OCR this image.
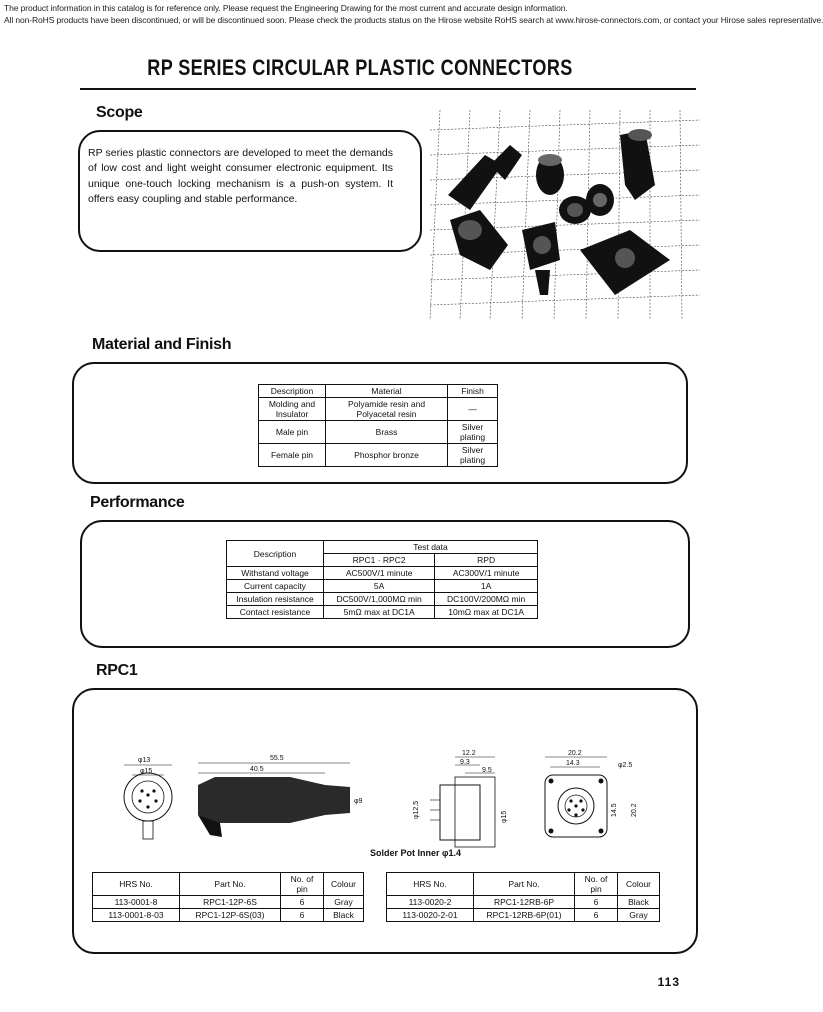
The product information in this catalog is for reference only. Please request the Engineering Drawing for the most current and accurate design information.
All non-RoHS products have been discontinued, or will be discontinued soon. Please check the products status on the Hirose website RoHS search at www.hirose-connectors.com, or contact your Hirose sales representative.
RP SERIES CIRCULAR PLASTIC CONNECTORS
Scope
RP series plastic connectors are developed to meet the demands of low cost and light weight consumer electronic equipment. Its unique one-touch locking mechanism is a push-on system. It offers easy coupling and stable performance.
Material and Finish
Description	Material	Finish
Molding and Insulator	Polyamide resin and Polyacetal resin	—
Male pin	Brass	Silver plating
Female pin	Phosphor bronze	Silver plating
Performance
Description	Test data	
	RPC1 · RPC2	RPD
Withstand voltage	AC500V/1 minute	AC300V/1 minute
Current capacity	5A	1A
Insulation resistance	DC500V/1,000MΩ min	DC100V/200MΩ min
Contact resistance	5mΩ max at DC1A	10mΩ max at DC1A
RPC1
φ13
φ15
55.5
40.5
φ9
12.2
9.3
9.5
φ12.5	φ15
20.2
14.3	φ2.5
20.2
14.5
Solder Pot Inner φ1.4
HRS No.	Part No.	No. of pin	Colour
113-0001-8	RPC1-12P-6S	6	Gray
113-0001-8-03	RPC1-12P-6S(03)	6	Black
HRS No.	Part No.	No. of pin	Colour
113-0020-2	RPC1-12RB-6P	6	Black
113-0020-2-01	RPC1-12RB-6P(01)	6	Gray
113
